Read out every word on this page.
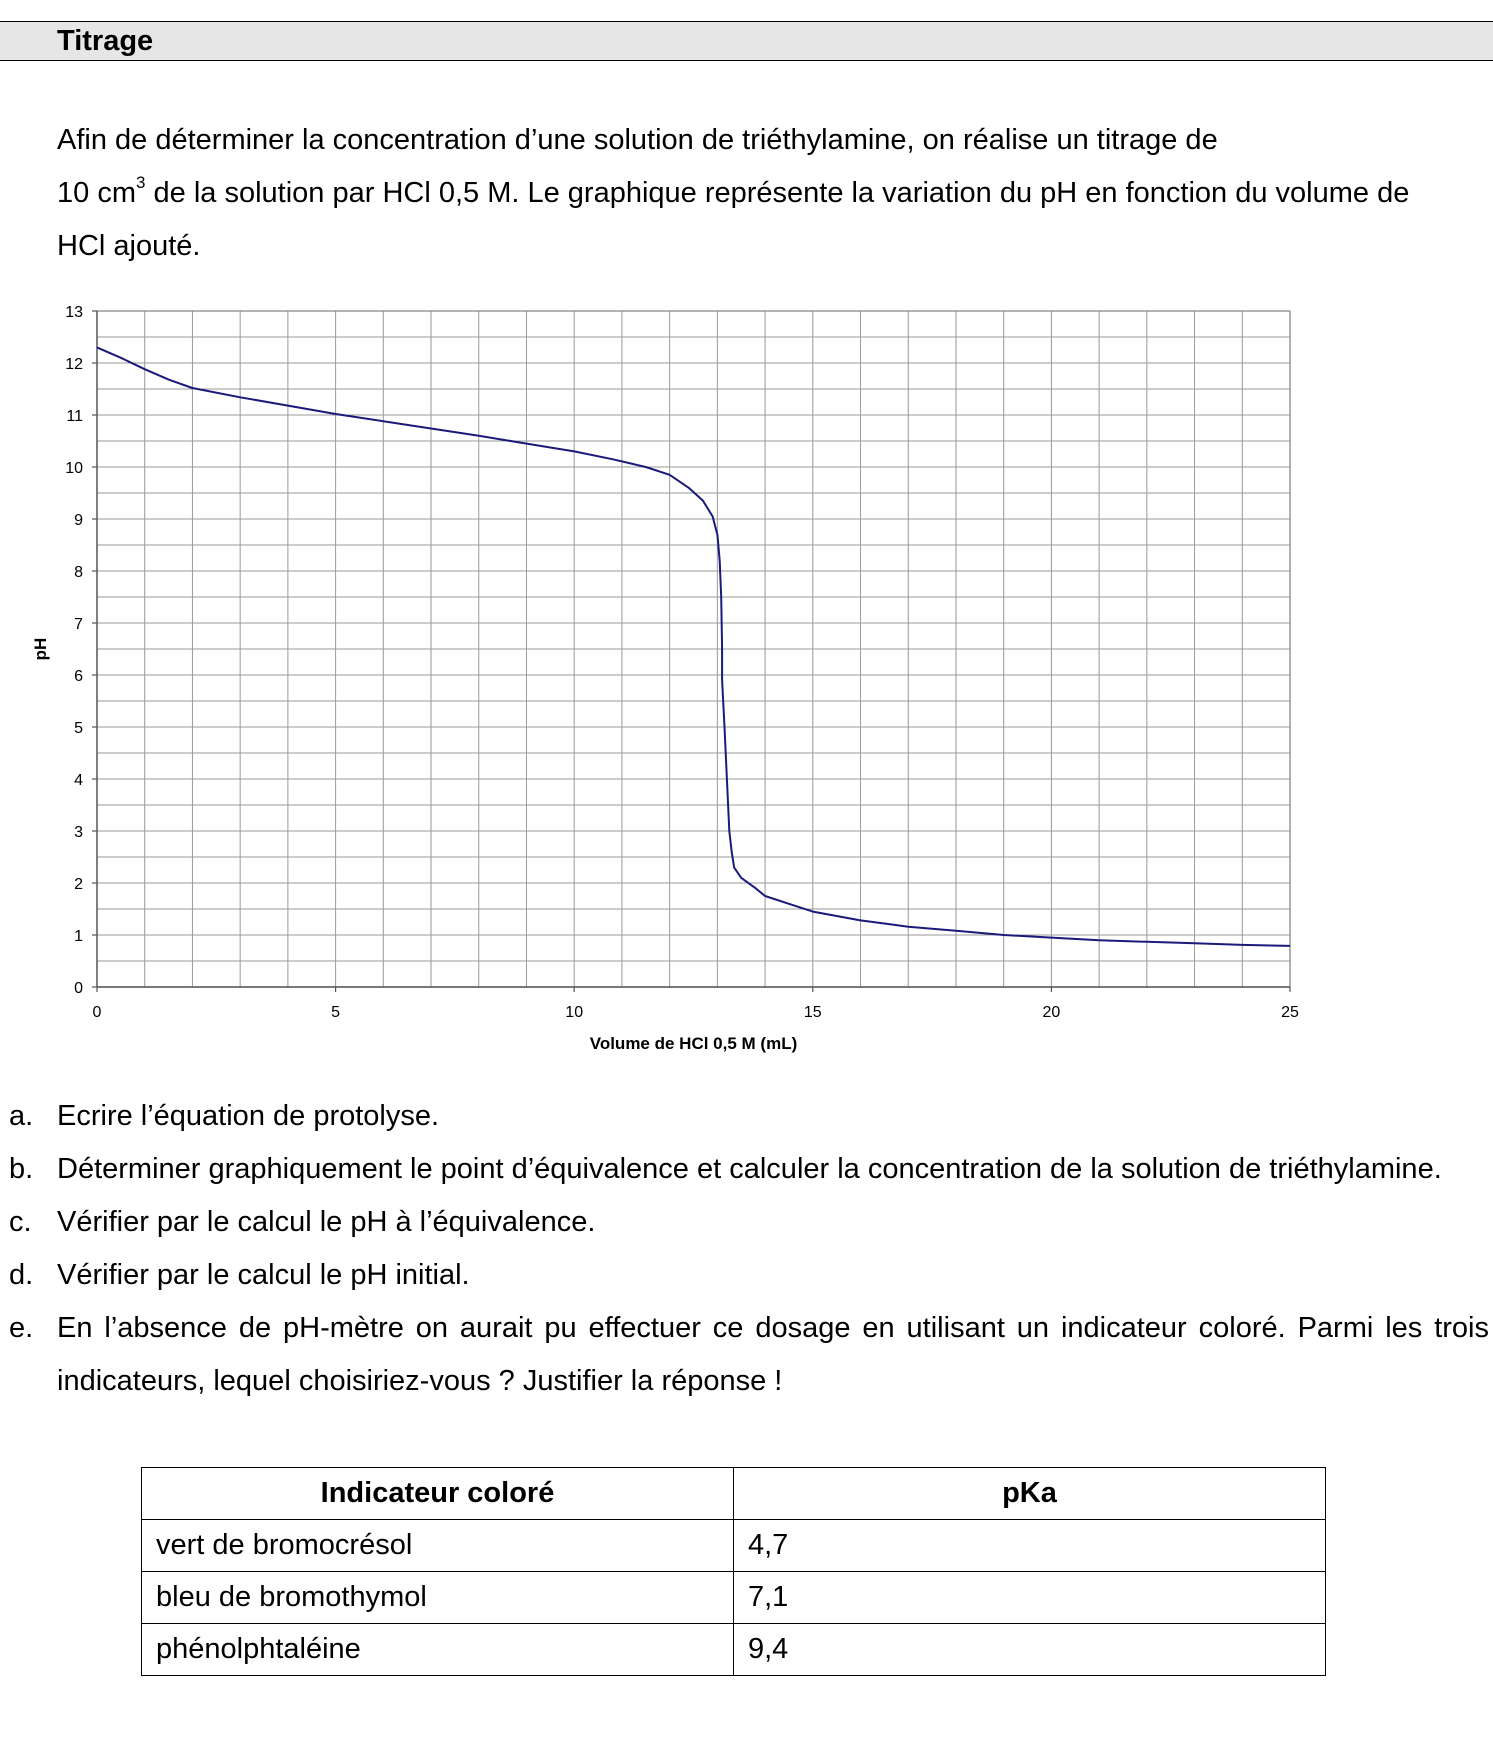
Titrage
Afin de déterminer la concentration d’une solution de triéthylamine, on réalise un titrage de
10 $cm^3$ de la solution par HCl 0,5 M. Le graphique représente la variation du pH en fonction du volume de
HCl ajouté.
0	5	10	15	20	25
0
1
2
3
4
5
6
7
8
9
10
11
12
13
Volume de HCl 0,5 M (mL)
pH
a. Ecrire l’équation de protolyse.
b. Déterminer graphiquement le point d’équivalence et calculer la concentration de la solution de triéthylamine.
c. Vérifier par le calcul le pH à l’équivalence.
d. Vérifier par le calcul le pH initial.
e. En l’absence de pH-mètre on aurait pu effectuer ce dosage en utilisant un indicateur coloré. Parmi les trois indicateurs, lequel choisiriez-vous ? Justifier la réponse !
Indicateur coloré	pKa
vert de bromocrésol	4,7
bleu de bromothymol	7,1
phénolphtaléine	9,4
